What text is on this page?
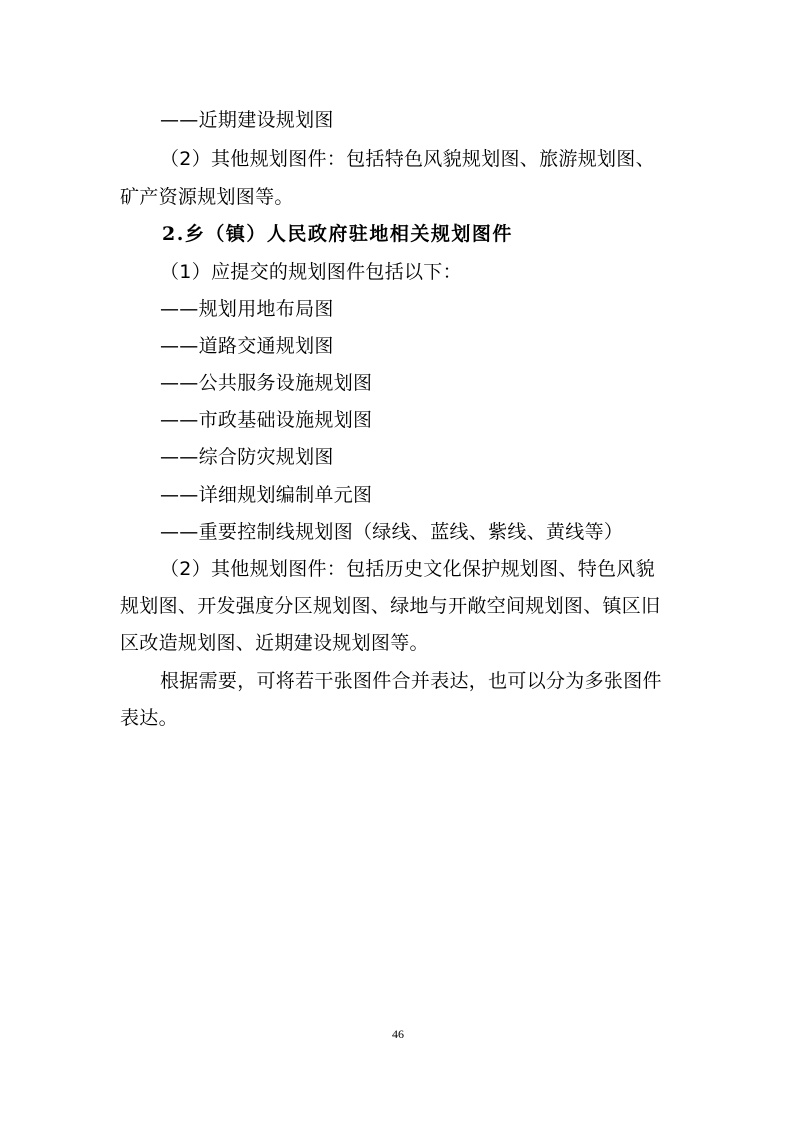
——近期建设规划图
（2）其他规划图件：包括特色风貌规划图、旅游规划图、
矿产资源规划图等。
2.乡（镇）人民政府驻地相关规划图件
（1）应提交的规划图件包括以下：
——规划用地布局图
——道路交通规划图
——公共服务设施规划图
——市政基础设施规划图
——综合防灾规划图
——详细规划编制单元图
——重要控制线规划图（绿线、蓝线、紫线、黄线等）
（2）其他规划图件：包括历史文化保护规划图、特色风貌
规划图、开发强度分区规划图、绿地与开敞空间规划图、镇区旧
区改造规划图、近期建设规划图等。
根据需要，可将若干张图件合并表达，也可以分为多张图件
表达。
46
